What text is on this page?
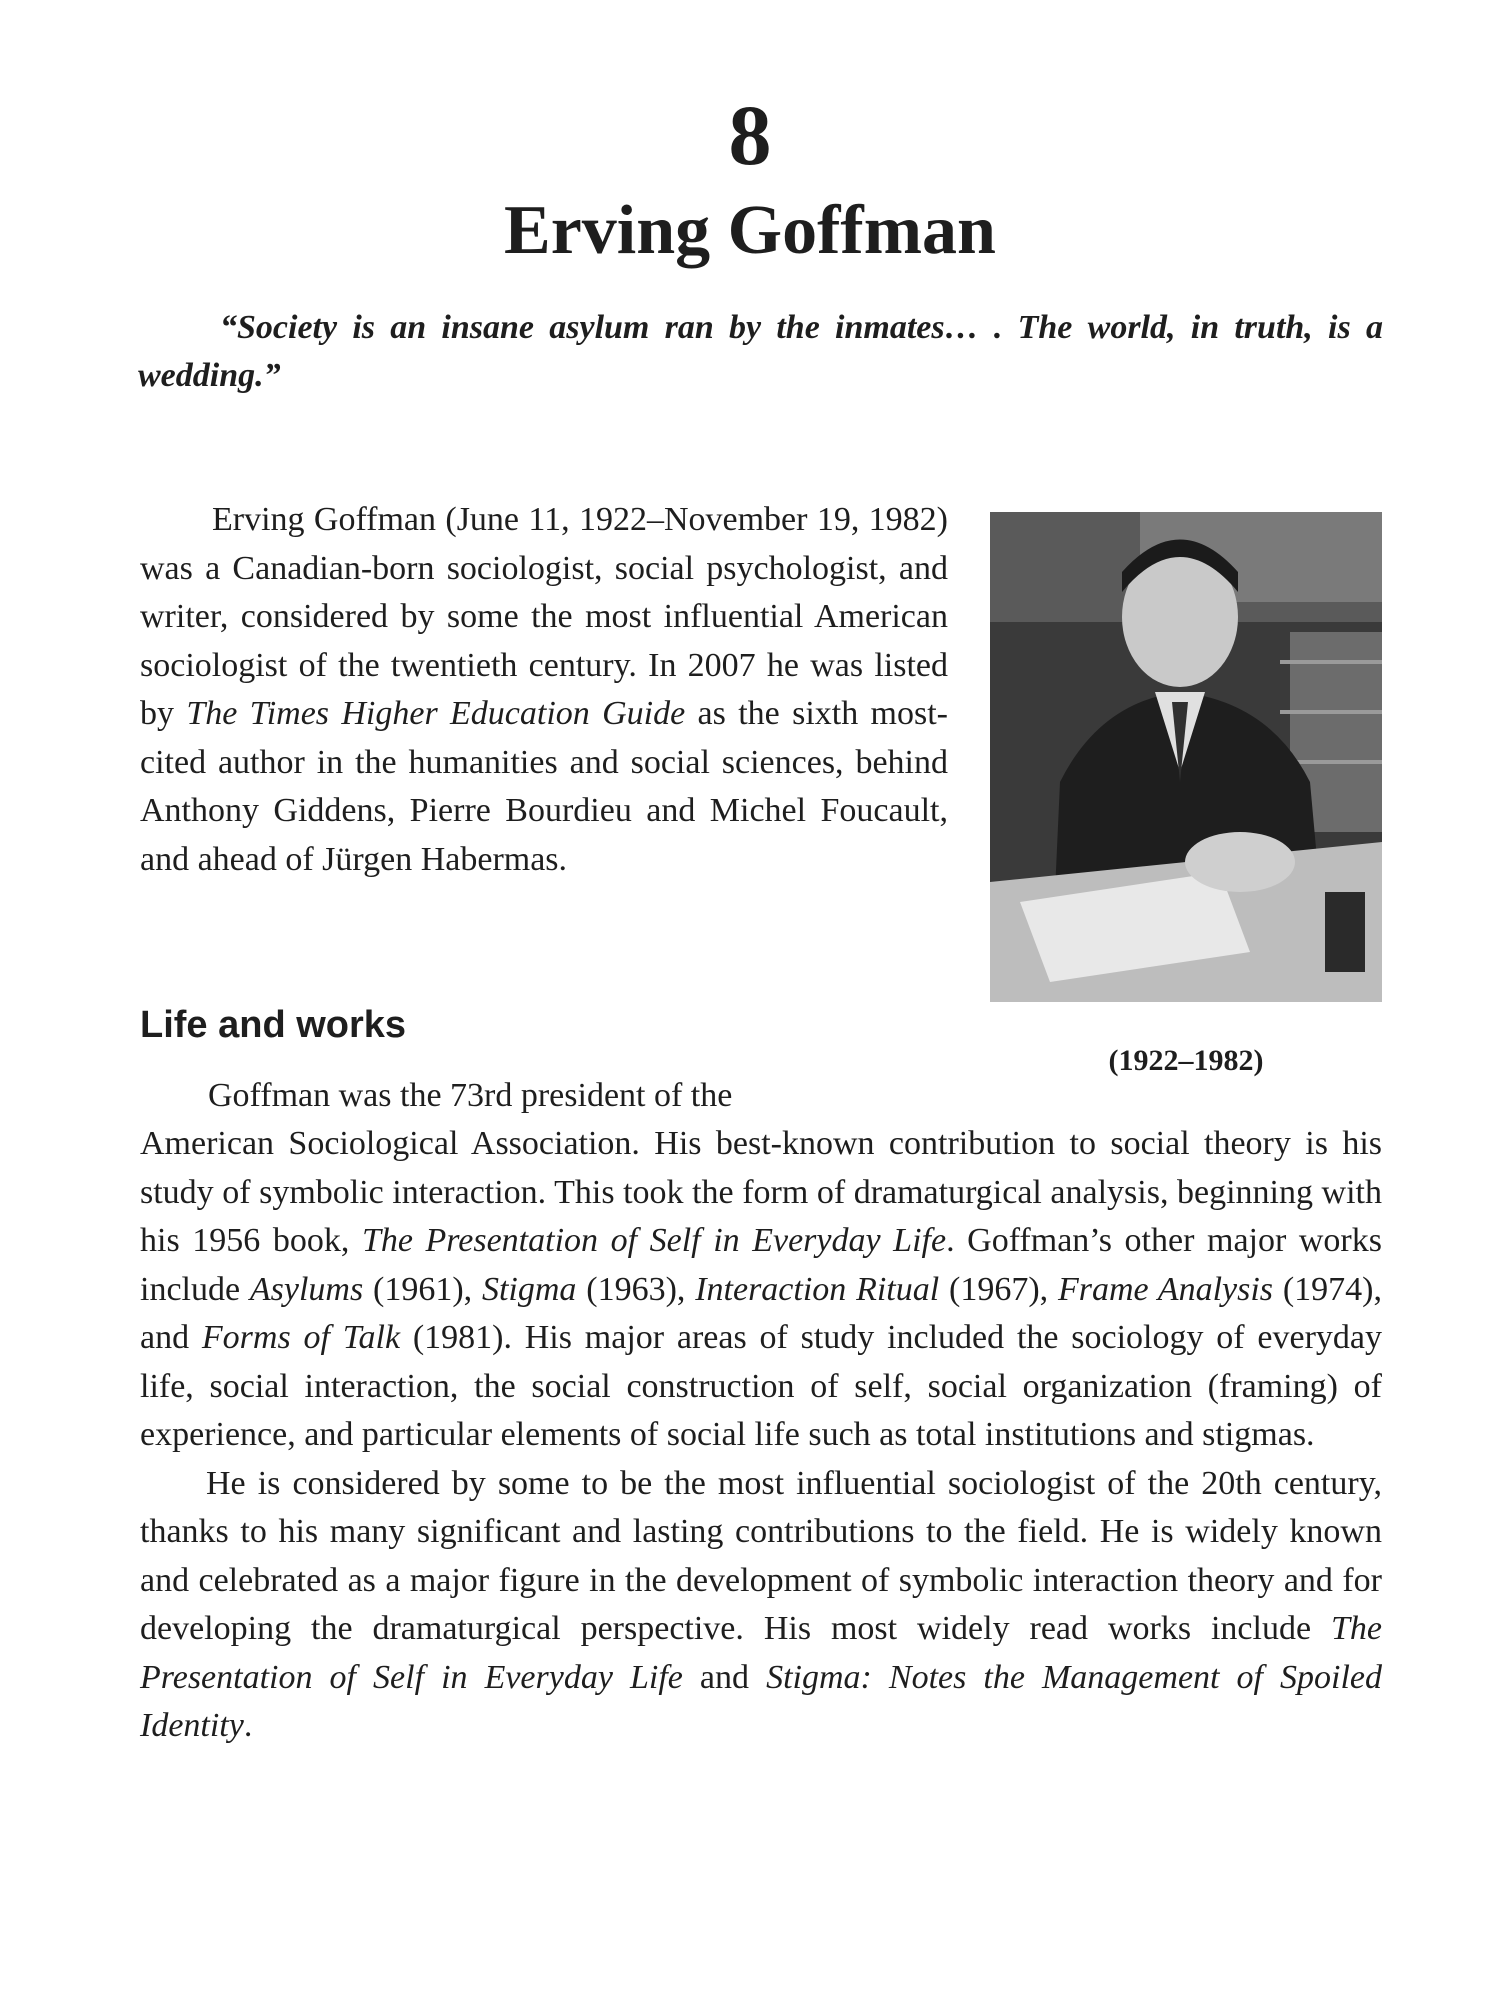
8
Erving Goffman

“Society is an insane asylum ran by the inmates… . The world, in truth, is a wedding.”

Erving Goffman (June 11, 1922–November 19, 1982) was a Canadian-born sociologist, social psychologist, and writer, considered by some the most influential American sociologist of the twentieth century. In 2007 he was listed by The Times Higher Education Guide as the sixth most-cited author in the humanities and social sciences, behind Anthony Giddens, Pierre Bourdieu and Michel Foucault, and ahead of Jürgen Habermas.

(1922–1982)
Life and works

Goffman was the 73rd president of the

American Sociological Association. His best-known contribution to social theory is his study of symbolic interaction. This took the form of dramaturgical analysis, beginning with his 1956 book, The Presentation of Self in Everyday Life. Goffman’s other major works include Asylums (1961), Stigma (1963), Interaction Ritual (1967), Frame Analysis (1974), and Forms of Talk (1981). His major areas of study included the sociology of everyday life, social interaction, the social construction of self, social organization (framing) of experience, and particular elements of social life such as total institutions and stigmas.

He is considered by some to be the most influential sociologist of the 20th century, thanks to his many significant and lasting contributions to the field. He is widely known and celebrated as a major figure in the development of symbolic interaction theory and for developing the dramaturgical perspective. His most widely read works include The Presentation of Self in Everyday Life and Stigma: Notes the Management of Spoiled Identity.
